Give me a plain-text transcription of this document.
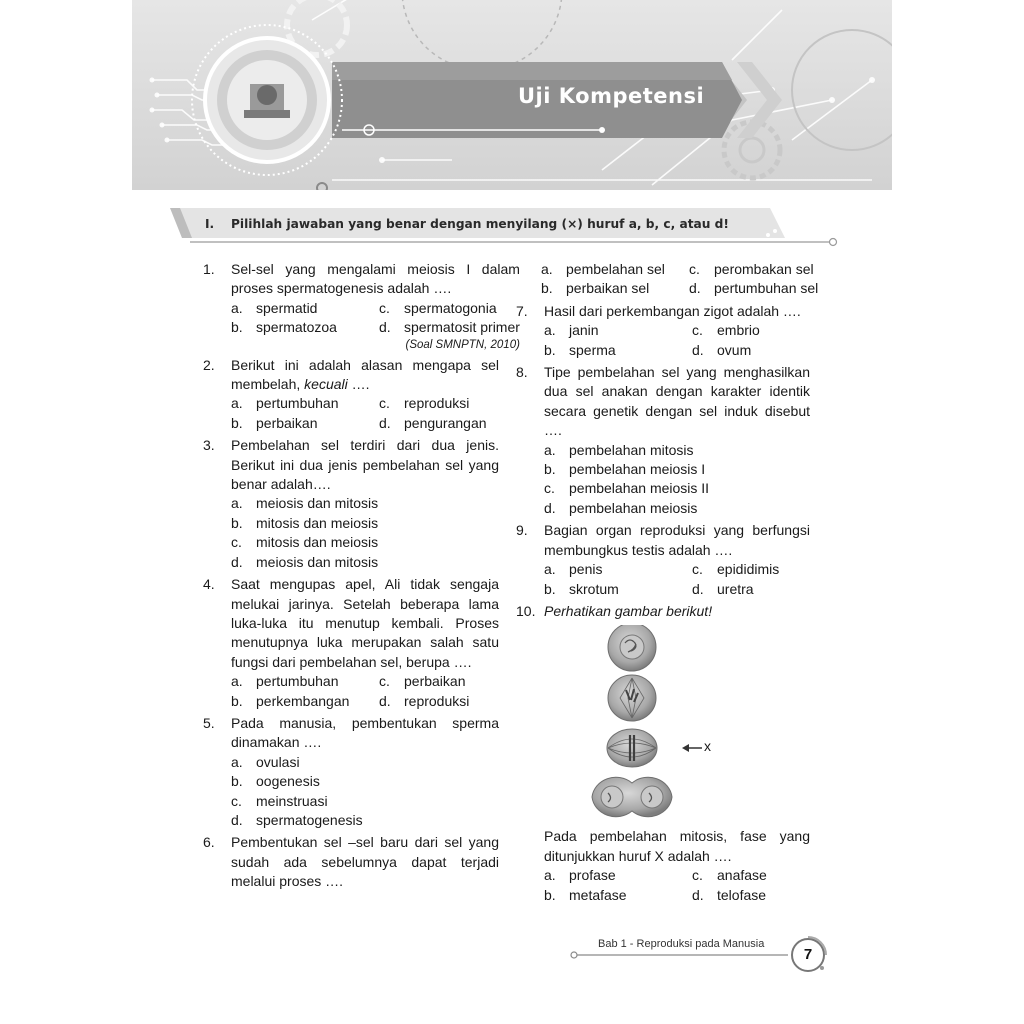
Uji Kompetensi
I. Pilihlah jawaban yang benar dengan menyilang (×) huruf a, b, c, atau d!
1.	Sel-sel yang mengalami meiosis I dalam proses spermatogenesis adalah ….
a. spermatid	c.	spermatogonia
b. spermatozoa	d. spermatosit primer
(Soal SMNPTN, 2010)
2.	Berikut ini adalah alasan mengapa sel membelah, kecuali ….
a. pertumbuhan	c.	reproduksi
b. perbaikan	d. pengurangan
3.	Pembelahan sel terdiri dari dua jenis. Berikut ini dua jenis pembelahan sel yang benar adalah….
a. meiosis dan mitosis
b. mitosis dan meiosis
c.	mitosis dan meiosis
d. meiosis dan mitosis
4.	Saat mengupas apel, Ali tidak sengaja melukai jarinya. Setelah beberapa lama luka-luka itu menutup kembali. Proses menutupnya luka merupakan salah satu fungsi dari pembelahan sel, berupa ….
a. pertumbuhan	c.	perbaikan
b. perkembangan d. reproduksi
5.	Pada manusia, pembentukan sperma dinamakan ….
a. ovulasi
b. oogenesis
c.	meinstruasi
d. spermatogenesis
6.	Pembentukan sel –sel baru dari sel yang sudah ada sebelumnya dapat terjadi melalui proses ….
a. pembelahan sel c.	perombakan sel
b. perbaikan sel	d. pertumbuhan sel
7.	Hasil dari perkembangan zigot adalah ….
a. janin	c.	embrio
b. sperma	d. ovum
8.	Tipe pembelahan sel yang menghasilkan dua sel anakan dengan karakter identik secara genetik dengan sel induk disebut ….
a. pembelahan mitosis
b. pembelahan meiosis I
c.	pembelahan meiosis II
d. pembelahan meiosis
9.	Bagian organ reproduksi yang berfungsi membungkus testis adalah ….
a. penis	c.	epididimis
b. skrotum	d. uretra
10. Perhatikan gambar berikut!
x
Pada pembelahan mitosis, fase yang ditunjukkan huruf X adalah ….
a. profase	c.	anafase
b. metafase	d. telofase
Bab 1 - Reproduksi pada Manusia
7
